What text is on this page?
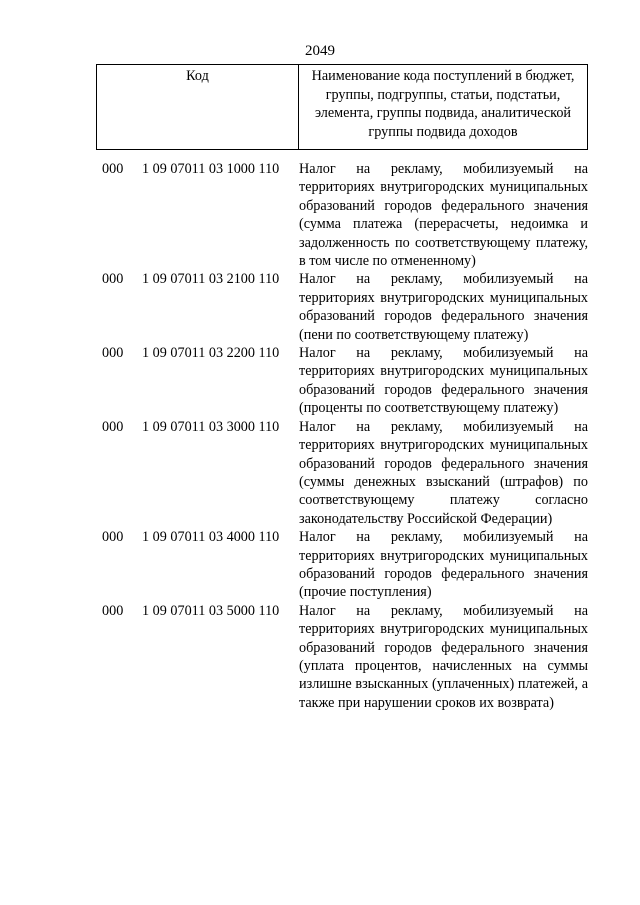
2049
Код	Наименование кода поступлений в бюджет, группы, подгруппы, статьи, подстатьи, элемента, группы подвида, аналитической группы подвида доходов
000	1 09 07011 03 1000 110	Налог на рекламу, мобилизуемый на территориях внутригородских муниципальных образований городов федерального значения (сумма платежа (перерасчеты, недоимка и задолженность по соответствующему платежу, в том числе по отмененному)
000	1 09 07011 03 2100 110	Налог на рекламу, мобилизуемый на территориях внутригородских муниципальных образований городов федерального значения (пени по соответствующему платежу)
000	1 09 07011 03 2200 110	Налог на рекламу, мобилизуемый на территориях внутригородских муниципальных образований городов федерального значения (проценты по соответствующему платежу)
000	1 09 07011 03 3000 110	Налог на рекламу, мобилизуемый на территориях внутригородских муниципальных образований городов федерального значения (суммы денежных взысканий (штрафов) по соответствующему платежу согласно законодательству Российской Федерации)
000	1 09 07011 03 4000 110	Налог на рекламу, мобилизуемый на территориях внутригородских муниципальных образований городов федерального значения (прочие поступления)
000	1 09 07011 03 5000 110	Налог на рекламу, мобилизуемый на территориях внутригородских муниципальных образований городов федерального значения (уплата процентов, начисленных на суммы излишне взысканных (уплаченных) платежей, а также при нарушении сроков их возврата)
